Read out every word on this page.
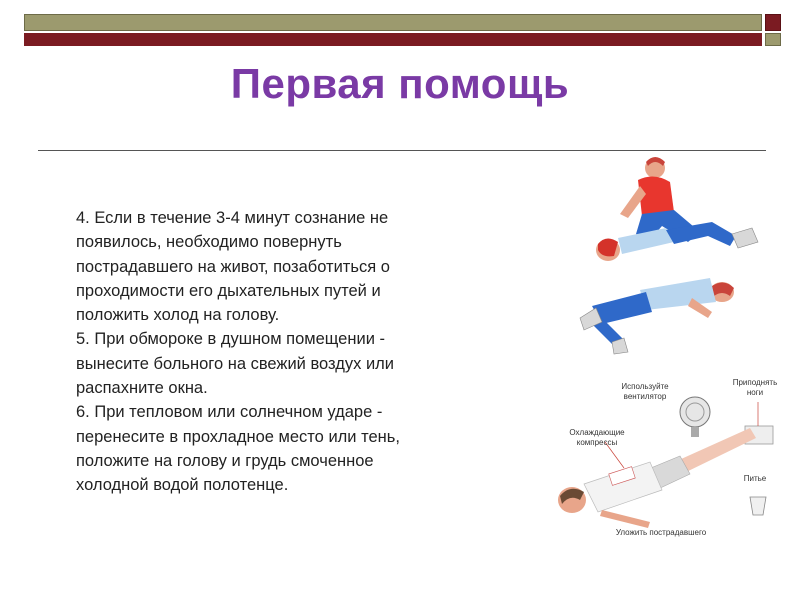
Первая помощь

4. Если в течение 3-4 минут сознание не
появилось, необходимо повернуть
пострадавшего на живот, позаботиться о
проходимости его дыхательных путей и
положить холод на голову.

5. При обмороке в душном помещении -
вынесите больного на свежий воздух или
распахните окна.

6. При тепловом или солнечном ударе -
перенесите в прохладное место или тень,
положите на голову и грудь смоченное
холодной водой полотенце.

Используйте
вентилятор
Приподнять
ноги
Охлаждающие
компрессы
Питье
Уложить пострадавшего
